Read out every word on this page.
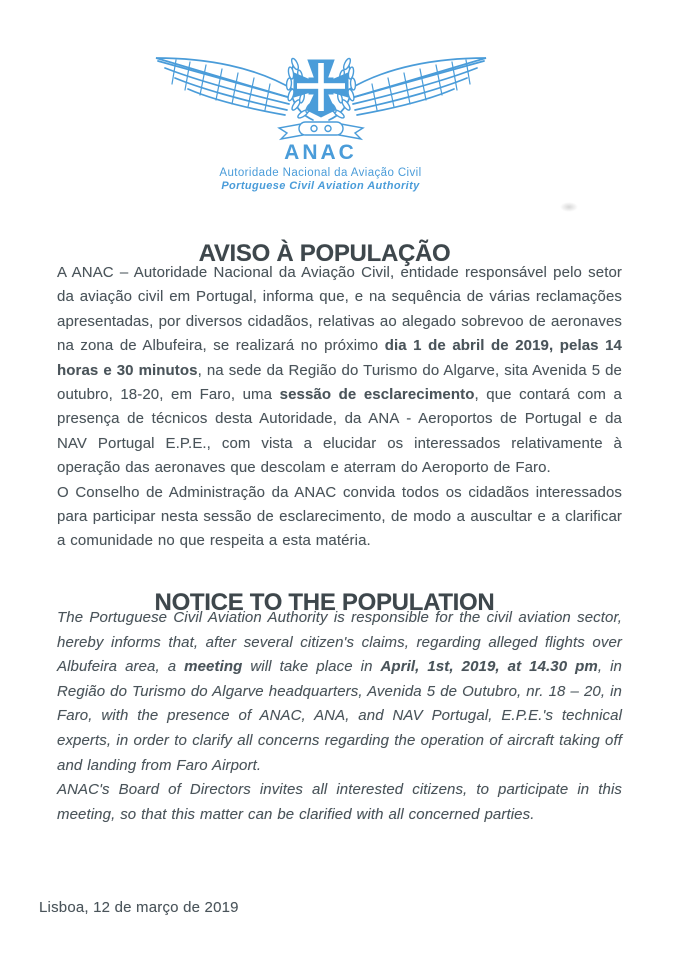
ANAC
Autoridade Nacional da Aviação Civil
Portuguese Civil Aviation Authority
AVISO À POPULAÇÃO

A ANAC – Autoridade Nacional da Aviação Civil, entidade responsável pelo setor da aviação civil em Portugal, informa que, e na sequência de várias reclamações apresentadas, por diversos cidadãos, relativas ao alegado sobrevoo de aeronaves na zona de Albufeira, se realizará no próximo dia 1 de abril de 2019, pelas 14 horas e 30 minutos, na sede da Região do Turismo do Algarve, sita Avenida 5 de outubro, 18-20, em Faro, uma sessão de esclarecimento, que contará com a presença de técnicos desta Autoridade, da ANA - Aeroportos de Portugal e da NAV Portugal E.P.E., com vista a elucidar os interessados relativamente à operação das aeronaves que descolam e aterram do Aeroporto de Faro.

O Conselho de Administração da ANAC convida todos os cidadãos interessados para participar nesta sessão de esclarecimento, de modo a auscultar e a clarificar a comunidade no que respeita a esta matéria.

NOTICE TO THE POPULATION

The Portuguese Civil Aviation Authority is responsible for the civil aviation sector, hereby informs that, after several citizen's claims, regarding alleged flights over Albufeira area, a meeting will take place in April, 1st, 2019, at 14.30 pm, in Região do Turismo do Algarve headquarters, Avenida 5 de Outubro, nr. 18 – 20, in Faro, with the presence of ANAC, ANA, and NAV Portugal, E.P.E.'s technical experts, in order to clarify all concerns regarding the operation of aircraft taking off and landing from Faro Airport.

ANAC's Board of Directors invites all interested citizens, to participate in this meeting, so that this matter can be clarified with all concerned parties.

Lisboa, 12 de março de 2019
